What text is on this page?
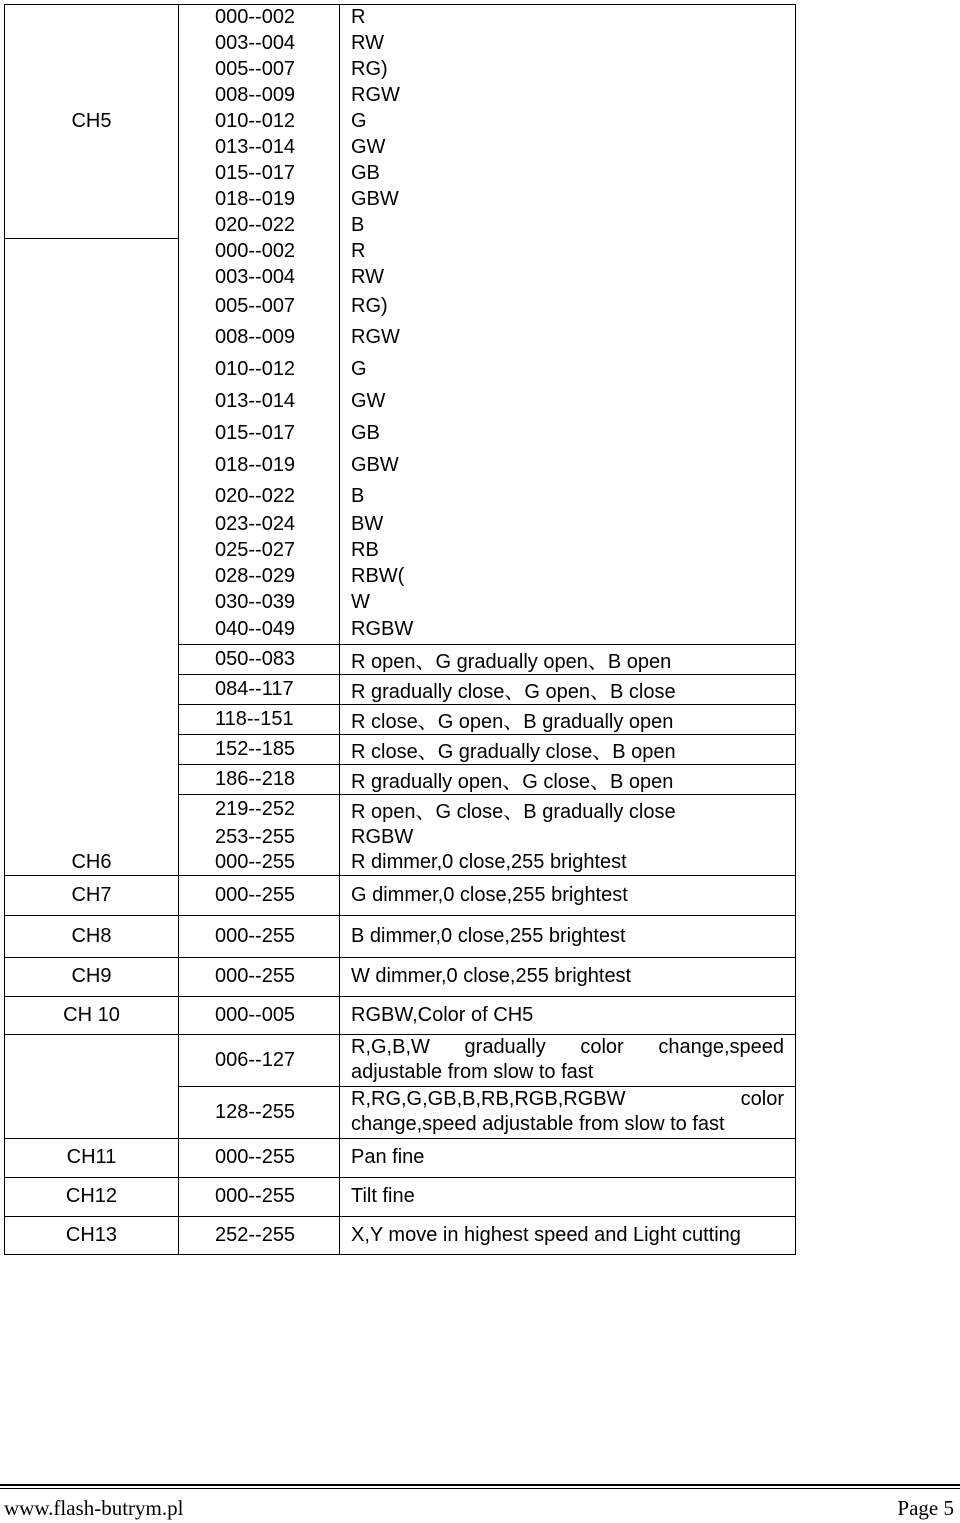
CH5	000--002	R
	003--004	RW
	005--007	RG)
	008--009	RGW
	010--012	G
	013--014	GW
	015--017	GB
	018--019	GBW
	020--022	B
	000--002	R
	003--004	RW
	005--007	RG)
	008--009	RGW
	010--012	G
	013--014	GW
	015--017	GB
	018--019	GBW
	020--022	B
	023--024	BW
	025--027	RB
	028--029	RBW(
	030--039	W
	040--049	RGBW
	050--083	R open、G gradually open、B open
	084--117	R gradually close、G open、B close
	118--151	R close、G open、B gradually open
	152--185	R close、G gradually close、B open
	186--218	R gradually open、G close、B open
	219--252	R open、G close、B gradually close
	253--255	RGBW
CH6	000--255	R dimmer,0 close,255 brightest
CH7	000--255	G dimmer,0 close,255 brightest
CH8	000--255	B dimmer,0 close,255 brightest
CH9	000--255	W dimmer,0 close,255 brightest
CH 10	000--005	RGBW,Color of CH5
	006--127	R,G,B,W gradually color change,speed adjustable from slow to fast
	128--255	R,RG,G,GB,B,RB,RGB,RGBW color change,speed adjustable from slow to fast
CH11	000--255	Pan fine
CH12	000--255	Tilt fine
CH13	252--255	X,Y move in highest speed and Light cutting
www.flash-butrym.pl	Page 5
